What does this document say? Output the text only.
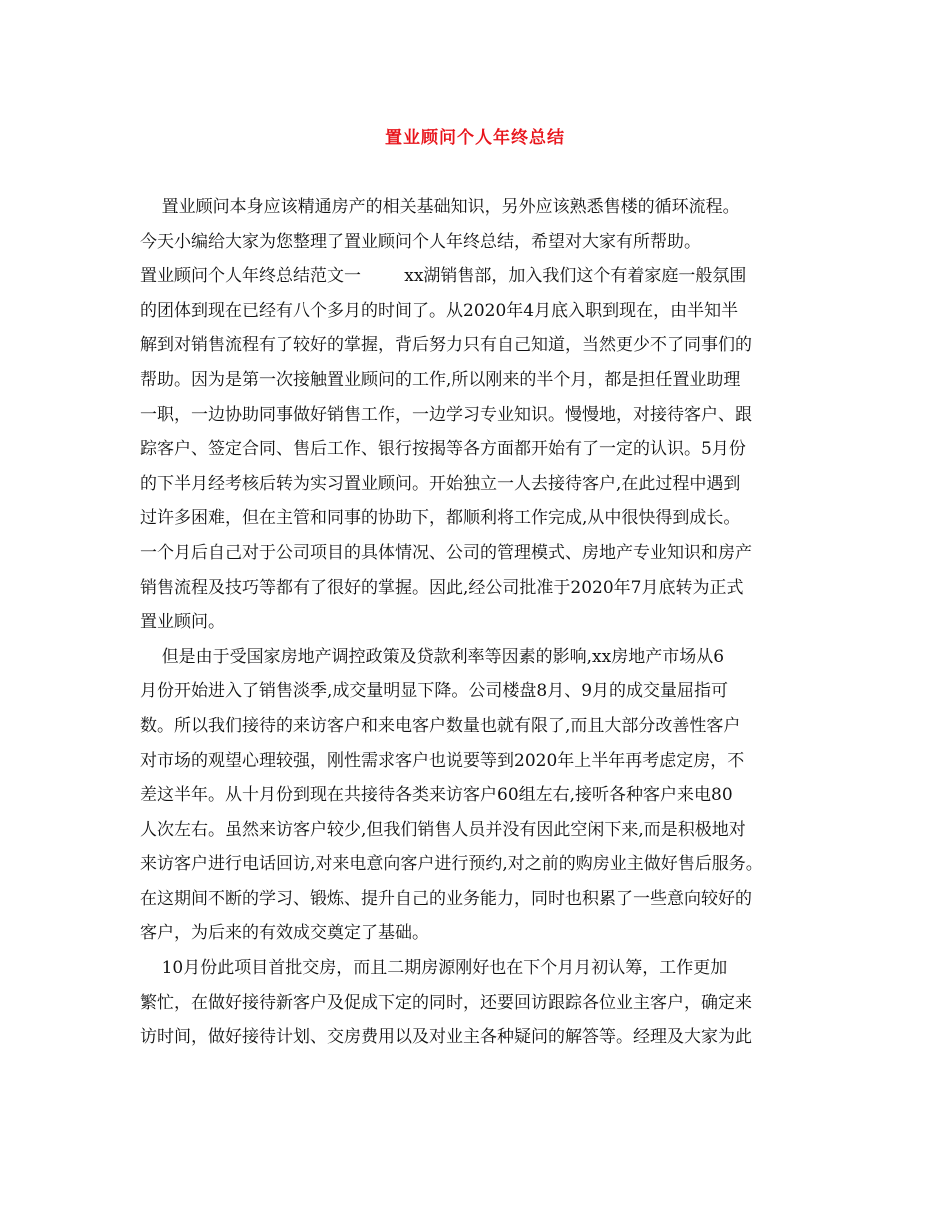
置业顾问个人年终总结
置业顾问本身应该精通房产的相关基础知识，另外应该熟悉售楼的循环流程。
今天小编给大家为您整理了置业顾问个人年终总结，希望对大家有所帮助。
置业顾问个人年终总结范文一        xx湖销售部，加入我们这个有着家庭一般氛围
的团体到现在已经有八个多月的时间了。从2020年4月底入职到现在，由半知半
解到对销售流程有了较好的掌握，背后努力只有自己知道，当然更少不了同事们的
帮助。因为是第一次接触置业顾问的工作,所以刚来的半个月，都是担任置业助理
一职，一边协助同事做好销售工作，一边学习专业知识。慢慢地，对接待客户、跟
踪客户、签定合同、售后工作、银行按揭等各方面都开始有了一定的认识。5月份
的下半月经考核后转为实习置业顾问。开始独立一人去接待客户,在此过程中遇到
过许多困难，但在主管和同事的协助下，都顺利将工作完成,从中很快得到成长。
一个月后自己对于公司项目的具体情况、公司的管理模式、房地产专业知识和房产
销售流程及技巧等都有了很好的掌握。因此,经公司批准于2020年7月底转为正式
置业顾问。
但是由于受国家房地产调控政策及贷款利率等因素的影响,xx房地产市场从6
月份开始进入了销售淡季,成交量明显下降。公司楼盘8月、9月的成交量屈指可
数。所以我们接待的来访客户和来电客户数量也就有限了,而且大部分改善性客户
对市场的观望心理较强，刚性需求客户也说要等到2020年上半年再考虑定房，不
差这半年。从十月份到现在共接待各类来访客户60组左右,接听各种客户来电80
人次左右。虽然来访客户较少,但我们销售人员并没有因此空闲下来,而是积极地对
来访客户进行电话回访,对来电意向客户进行预约,对之前的购房业主做好售后服务。
在这期间不断的学习、锻炼、提升自己的业务能力，同时也积累了一些意向较好的
客户，为后来的有效成交奠定了基础。
10月份此项目首批交房，而且二期房源刚好也在下个月月初认筹，工作更加
繁忙，在做好接待新客户及促成下定的同时，还要回访跟踪各位业主客户，确定来
访时间，做好接待计划、交房费用以及对业主各种疑问的解答等。经理及大家为此
